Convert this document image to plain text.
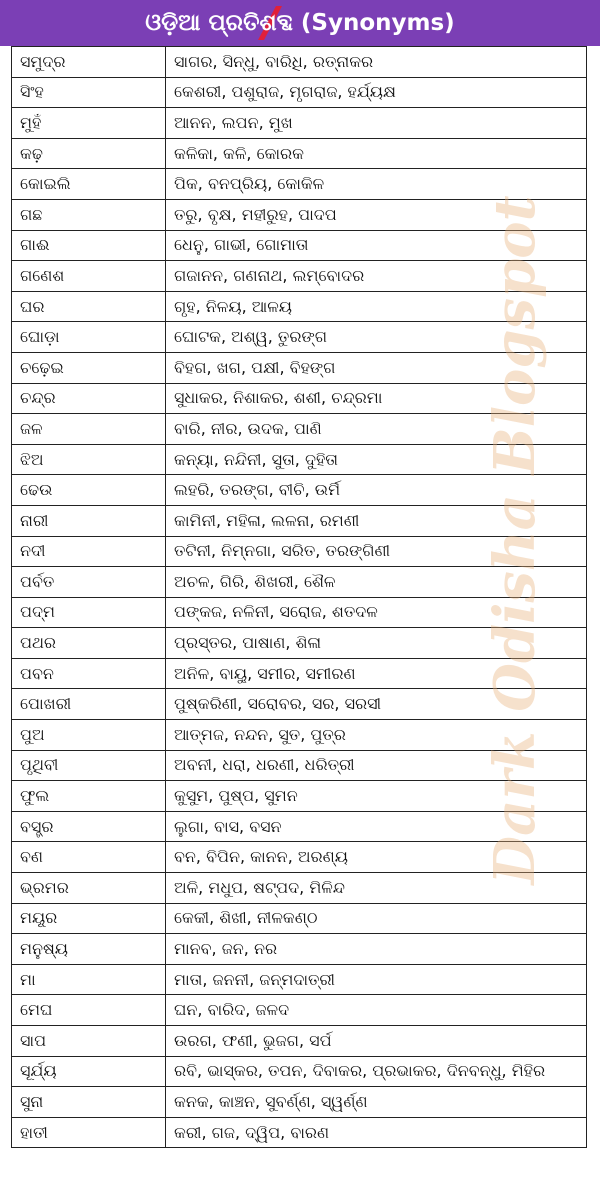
ଓଡ଼ିଆ ପ୍ରତିଶବ୍ଦ (Synonyms)
ସମୁଦ୍ର	ସାଗର, ସିନ୍ଧୁ, ବାରିଧି, ରତ୍ନାକର
ସିଂହ	କେଶରୀ, ପଶୁରାଜ, ମୃଗରାଜ, ହର୍ଯ୍ୟକ୍ଷ
ମୁହଁ	ଆନନ, ଲପନ, ମୁଖ
କଢ଼	କଳିକା, କଳି, କୋରକ
କୋଇଲି	ପିକ, ବନପ୍ରିୟ, କୋକିଳ
ଗଛ	ତରୁ, ବୃକ୍ଷ, ମହୀରୁହ, ପାଦପ
ଗାଈ	ଧେନୁ, ଗାଭୀ, ଗୋମାତା
ଗଣେଶ	ଗଜାନନ, ଗଣନାଥ, ଲମ୍ବୋଦର
ଘର	ଗୃହ, ନିଳୟ, ଆଳୟ
ଘୋଡ଼ା	ଘୋଟକ, ଅଶ୍ୱ, ତୁରଙ୍ଗ
ଚଢ଼େଇ	ବିହଗ, ଖଗ, ପକ୍ଷୀ, ବିହଙ୍ଗ
ଚନ୍ଦ୍ର	ସୁଧାକର, ନିଶାକର, ଶଶୀ, ଚନ୍ଦ୍ରମା
ଜଳ	ବାରି, ନୀର, ଉଦକ, ପାଣି
ଝିଅ	କନ୍ୟା, ନନ୍ଦିନୀ, ସୁତା, ଦୁହିତା
ଢେଉ	ଲହରି, ତରଙ୍ଗ, ବୀଚି, ଉର୍ମି
ନାରୀ	କାମିନୀ, ମହିଳା, ଲଳନା, ରମଣୀ
ନଦୀ	ତଟିନୀ, ନିମ୍ନଗା, ସରିତ, ତରଙ୍ଗିଣୀ
ପର୍ବତ	ଅଚଳ, ଗିରି, ଶିଖରୀ, ଶୈଳ
ପଦ୍ମ	ପଙ୍କଜ, ନଳିନୀ, ସରୋଜ, ଶତଦଳ
ପଥର	ପ୍ରସ୍ତର, ପାଷାଣ, ଶିଳା
ପବନ	ଅନିଳ, ବାୟୁ, ସମୀର, ସମୀରଣ
ପୋଖରୀ	ପୁଷ୍କରିଣୀ, ସରୋବର, ସର, ସରସୀ
ପୁଅ	ଆତ୍ମଜ, ନନ୍ଦନ, ସୁତ, ପୁତ୍ର
ପୃଥିବୀ	ଅବନୀ, ଧରା, ଧରଣୀ, ଧରିତ୍ରୀ
ଫୁଲ	କୁସୁମ, ପୁଷ୍ପ, ସୁମନ
ବସ୍ତ୍ର	ଲୁଗା, ବାସ, ବସନ
ବଣ	ବନ, ବିପିନ, କାନନ, ଅରଣ୍ୟ
ଭ୍ରମର	ଅଳି, ମଧୁପ, ଷଟ୍ପଦ, ମିଳିନ୍ଦ
ମୟୂର	କେକୀ, ଶିଖୀ, ନୀଳକଣ୍ଠ
ମନୁଷ୍ୟ	ମାନବ, ଜନ, ନର
ମା	ମାତା, ଜନନୀ, ଜନ୍ମଦାତ୍ରୀ
ମେଘ	ଘନ, ବାରିଦ, ଜଳଦ
ସାପ	ଉରଗ, ଫଣୀ, ଭୁଜଗ, ସର୍ପ
ସୂର୍ଯ୍ୟ	ରବି, ଭାସ୍କର, ତପନ, ଦିବାକର, ପ୍ରଭାକର, ଦିନବନ୍ଧୁ, ମିହିର
ସୁନା	କନକ, କାଞ୍ଚନ, ସୁବର୍ଣ୍ଣ, ସ୍ୱର୍ଣ୍ଣ
ହାତୀ	କରୀ, ଗଜ, ଦ୍ୱିପ, ବାରଣ
Dark Odisha Blogspot
